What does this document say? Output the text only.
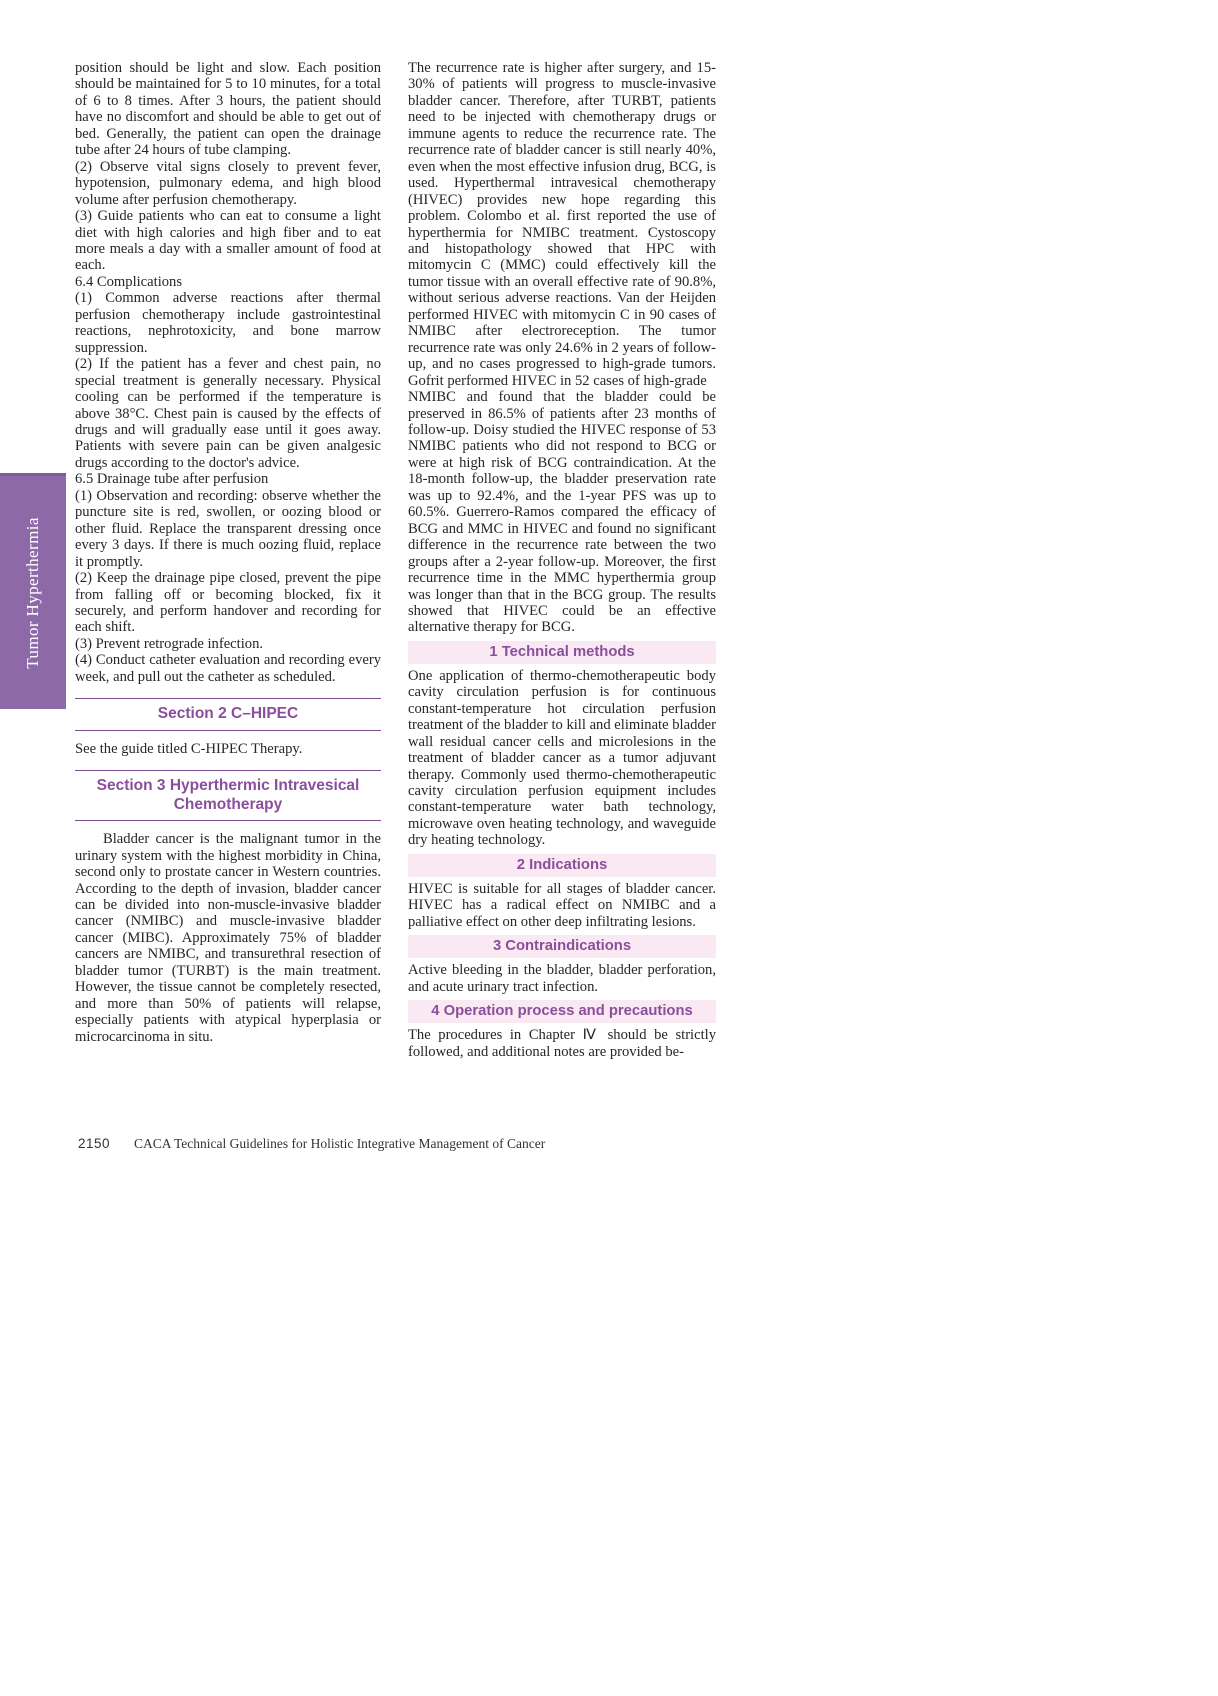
Tumor Hyperthermia

position should be light and slow. Each position should be maintained for 5 to 10 minutes, for a total of 6 to 8 times. After 3 hours, the patient should have no discomfort and should be able to get out of bed. Generally, the patient can open the drainage tube after 24 hours of tube clamping.

(2) Observe vital signs closely to prevent fever, hypotension, pulmonary edema, and high blood volume after perfusion chemotherapy.

(3) Guide patients who can eat to consume a light diet with high calories and high fiber and to eat more meals a day with a smaller amount of food at each.

6.4 Complications

(1) Common adverse reactions after thermal perfusion chemotherapy include gastrointestinal reactions, nephrotoxicity, and bone marrow suppression.

(2) If the patient has a fever and chest pain, no special treatment is generally necessary. Physical cooling can be performed if the temperature is above 38°C. Chest pain is caused by the effects of drugs and will gradually ease until it goes away. Patients with severe pain can be given analgesic drugs according to the doctor's advice.

6.5 Drainage tube after perfusion

(1) Observation and recording: observe whether the puncture site is red, swollen, or oozing blood or other fluid. Replace the transparent dressing once every 3 days. If there is much oozing fluid, replace it promptly.

(2) Keep the drainage pipe closed, prevent the pipe from falling off or becoming blocked, fix it securely, and perform handover and recording for each shift.

(3) Prevent retrograde infection.

(4) Conduct catheter evaluation and recording every week, and pull out the catheter as scheduled.

Section 2 C–HIPEC

See the guide titled C-HIPEC Therapy.

Section 3 Hyperthermic Intravesical Chemotherapy

Bladder cancer is the malignant tumor in the urinary system with the highest morbidity in China, second only to prostate cancer in Western countries. According to the depth of invasion, bladder cancer can be divided into non-muscle-invasive bladder cancer (NMIBC) and muscle-invasive bladder cancer (MIBC). Approximately 75% of bladder cancers are NMIBC, and transurethral resection of bladder tumor (TURBT) is the main treatment. However, the tissue cannot be completely resected, and more than 50% of patients will relapse, especially patients with atypical hyperplasia or microcarcinoma in situ.

The recurrence rate is higher after surgery, and 15-30% of patients will progress to muscle-invasive bladder cancer. Therefore, after TURBT, patients need to be injected with chemotherapy drugs or immune agents to reduce the recurrence rate. The recurrence rate of bladder cancer is still nearly 40%, even when the most effective infusion drug, BCG, is used. Hyperthermal intravesical chemotherapy (HIVEC) provides new hope regarding this problem. Colombo et al. first reported the use of hyperthermia for NMIBC treatment. Cystoscopy and histopathology showed that HPC with mitomycin C (MMC) could effectively kill the tumor tissue with an overall effective rate of 90.8%, without serious adverse reactions. Van der Heijden performed HIVEC with mitomycin C in 90 cases of NMIBC after electroreception. The tumor recurrence rate was only 24.6% in 2 years of follow-up, and no cases progressed to high-grade tumors. Gofrit performed HIVEC in 52 cases of high-grade

NMIBC and found that the bladder could be preserved in 86.5% of patients after 23 months of follow-up. Doisy studied the HIVEC response of 53 NMIBC patients who did not respond to BCG or were at high risk of BCG contraindication. At the 18-month follow-up, the bladder preservation rate was up to 92.4%, and the 1-year PFS was up to 60.5%. Guerrero-Ramos compared the efficacy of BCG and MMC in HIVEC and found no significant difference in the recurrence rate between the two groups after a 2-year follow-up. Moreover, the first recurrence time in the MMC hyperthermia group was longer than that in the BCG group. The results showed that HIVEC could be an effective alternative therapy for BCG.

1 Technical methods

One application of thermo-chemotherapeutic body cavity circulation perfusion is for continuous constant-temperature hot circulation perfusion treatment of the bladder to kill and eliminate bladder wall residual cancer cells and microlesions in the treatment of bladder cancer as a tumor adjuvant therapy. Commonly used thermo-chemotherapeutic cavity circulation perfusion equipment includes constant-temperature water bath technology, microwave oven heating technology, and waveguide dry heating technology.

2 Indications

HIVEC is suitable for all stages of bladder cancer. HIVEC has a radical effect on NMIBC and a palliative effect on other deep infiltrating lesions.

3 Contraindications

Active bleeding in the bladder, bladder perforation, and acute urinary tract infection.

4 Operation process and precautions

The procedures in Chapter Ⅳ should be strictly followed, and additional notes are provided be-

2150 CACA Technical Guidelines for Holistic Integrative Management of Cancer
